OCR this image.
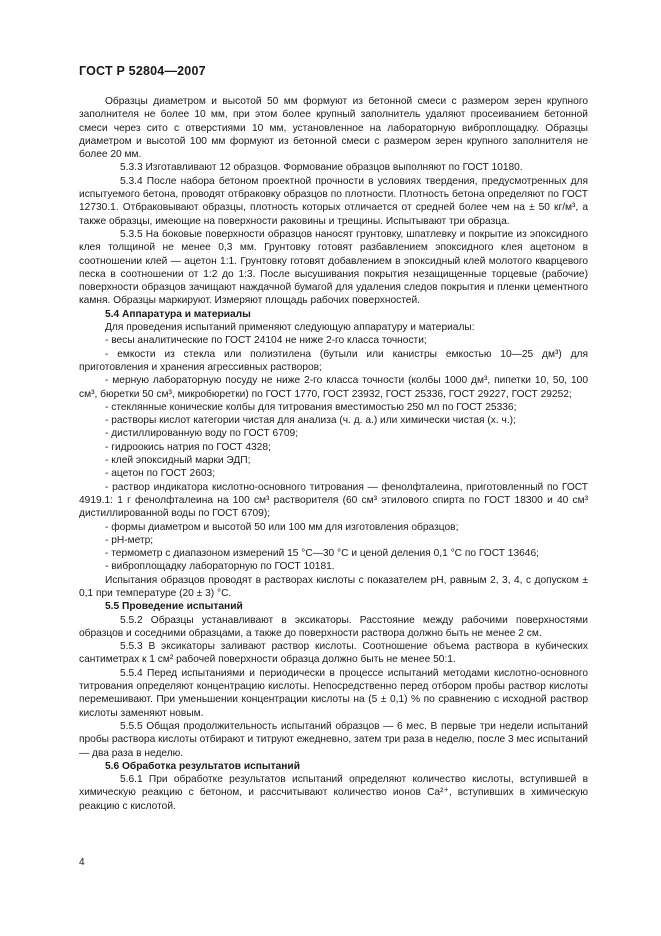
ГОСТ Р 52804—2007

Образцы диаметром и высотой 50 мм формуют из бетонной смеси с размером зерен крупного заполнителя не более 10 мм, при этом более крупный заполнитель удаляют просеиванием бетонной смеси через сито с отверстиями 10 мм, установленное на лабораторную виброплощадку. Образцы диаметром и высотой 100 мм формуют из бетонной смеси с размером зерен крупного заполнителя не более 20 мм.

5.3.3 Изготавливают 12 образцов. Формование образцов выполняют по ГОСТ 10180.

5.3.4 После набора бетоном проектной прочности в условиях твердения, предусмотренных для испытуемого бетона, проводят отбраковку образцов по плотности. Плотность бетона определяют по ГОСТ 12730.1. Отбраковывают образцы, плотность которых отличается от средней более чем на ± 50 кг/м³, а также образцы, имеющие на поверхности раковины и трещины. Испытывают три образца.

5.3.5 На боковые поверхности образцов наносят грунтовку, шпатлевку и покрытие из эпоксидного клея толщиной не менее 0,3 мм. Грунтовку готовят разбавлением эпоксидного клея ацетоном в соотношении клей — ацетон 1:1. Грунтовку готовят добавлением в эпоксидный клей молотого кварцевого песка в соотношении от 1:2 до 1:3. После высушивания покрытия незащищенные торцевые (рабочие) поверхности образцов зачищают наждачной бумагой для удаления следов покрытия и пленки цементного камня. Образцы маркируют. Измеряют площадь рабочих поверхностей.

5.4 Аппаратура и материалы

Для проведения испытаний применяют следующую аппаратуру и материалы:

- весы аналитические по ГОСТ 24104 не ниже 2-го класса точности;

- емкости из стекла или полиэтилена (бутыли или канистры емкостью 10—25 дм³) для приготовления и хранения агрессивных растворов;

- мерную лабораторную посуду не ниже 2-го класса точности (колбы 1000 дм³, пипетки 10, 50, 100 см³, бюретки 50 см³, микробюретки) по ГОСТ 1770, ГОСТ 23932, ГОСТ 25336, ГОСТ 29227, ГОСТ 29252;

- стеклянные конические колбы для титрования вместимостью 250 мл по ГОСТ 25336;

- растворы кислот категории чистая для анализа (ч. д. а.) или химически чистая (х. ч.);

- дистиллированную воду по ГОСТ 6709;

- гидроокись натрия по ГОСТ 4328;

- клей эпоксидный марки ЭДП;

- ацетон по ГОСТ 2603;

- раствор индикатора кислотно-основного титрования — фенолфталеина, приготовленный по ГОСТ 4919.1: 1 г фенолфталеина на 100 см³ растворителя (60 см³ этилового спирта по ГОСТ 18300 и 40 см³ дистиллированной воды по ГОСТ 6709);

- формы диаметром и высотой 50 или 100 мм для изготовления образцов;

- рН-метр;

- термометр с диапазоном измерений 15 °С—30 °С и ценой деления 0,1 °С по ГОСТ 13646;

- виброплощадку лабораторную по ГОСТ 10181.

Испытания образцов проводят в растворах кислоты с показателем рН, равным 2, 3, 4, с допуском ± 0,1 при температуре (20 ± 3) °С.

5.5 Проведение испытаний

5.5.2 Образцы устанавливают в эксикаторы. Расстояние между рабочими поверхностями образцов и соседними образцами, а также до поверхности раствора должно быть не менее 2 см.

5.5.3 В эксикаторы заливают раствор кислоты. Соотношение объема раствора в кубических сантиметрах к 1 см² рабочей поверхности образца должно быть не менее 50:1.

5.5.4 Перед испытаниями и периодически в процессе испытаний методами кислотно-основного титрования определяют концентрацию кислоты. Непосредственно перед отбором пробы раствор кислоты перемешивают. При уменьшении концентрации кислоты на (5 ± 0,1) % по сравнению с исходной раствор кислоты заменяют новым.

5.5.5 Общая продолжительность испытаний образцов — 6 мес. В первые три недели испытаний пробы раствора кислоты отбирают и титруют ежедневно, затем три раза в неделю, после 3 мес испытаний — два раза в неделю.

5.6 Обработка результатов испытаний

5.6.1 При обработке результатов испытаний определяют количество кислоты, вступившей в химическую реакцию с бетоном, и рассчитывают количество ионов Са²⁺, вступивших в химическую реакцию с кислотой.

4
